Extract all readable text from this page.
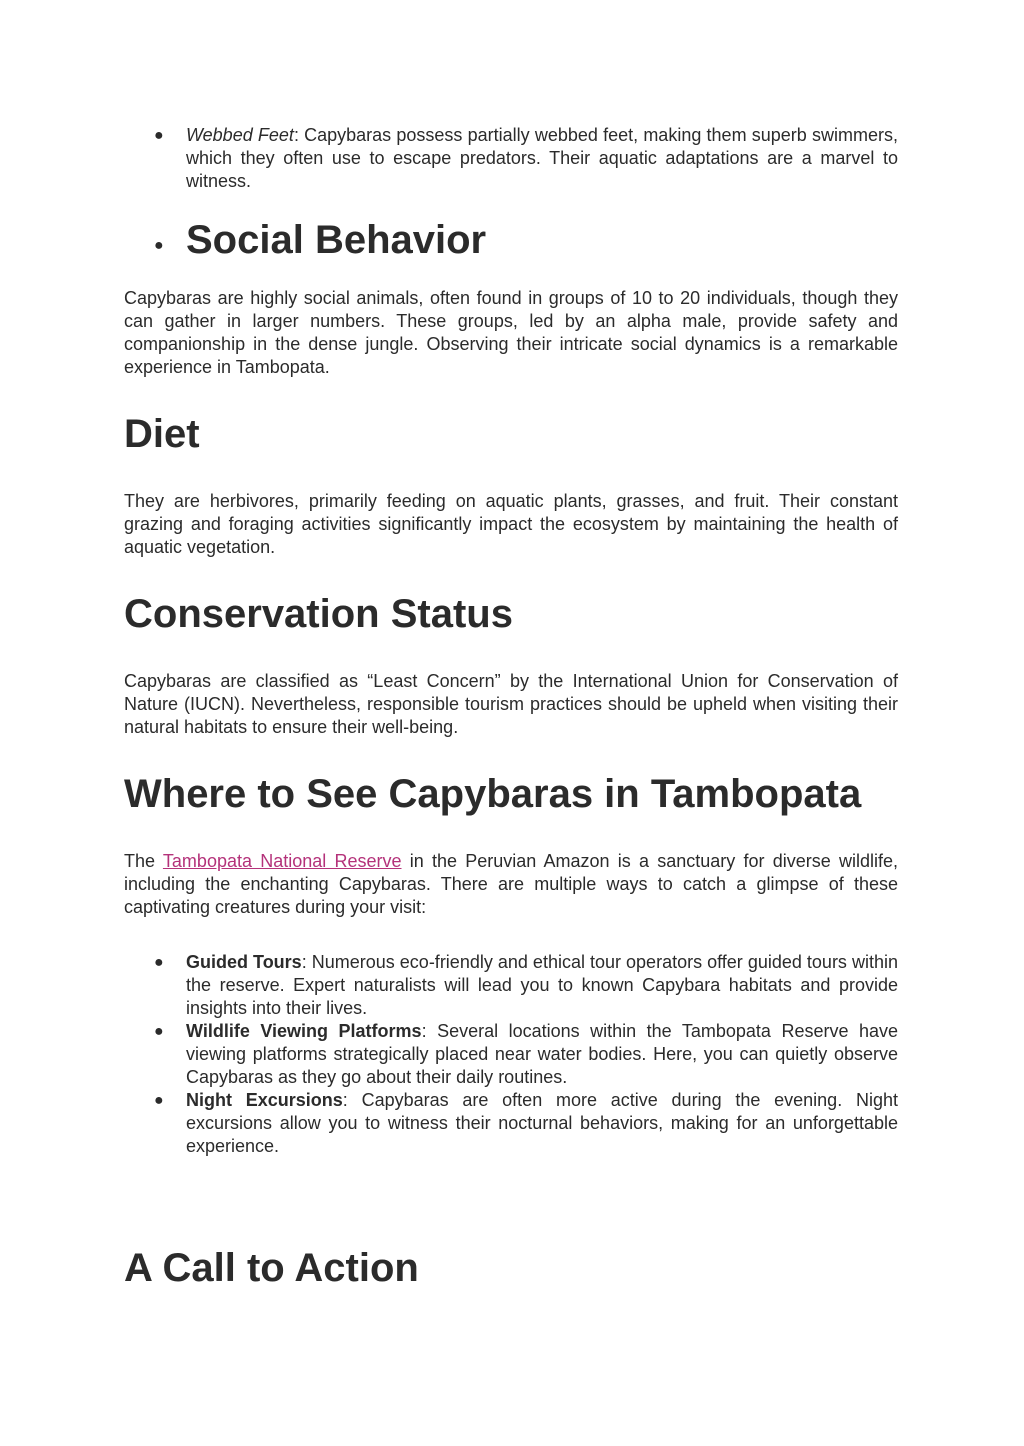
● Webbed Feet: Capybaras possess partially webbed feet, making them superb swimmers, which they often use to escape predators. Their aquatic adaptations are a marvel to witness.
● Social Behavior

Capybaras are highly social animals, often found in groups of 10 to 20 individuals, though they can gather in larger numbers. These groups, led by an alpha male, provide safety and companionship in the dense jungle. Observing their intricate social dynamics is a remarkable experience in Tambopata.

Diet

They are herbivores, primarily feeding on aquatic plants, grasses, and fruit. Their constant grazing and foraging activities significantly impact the ecosystem by maintaining the health of aquatic vegetation.

Conservation Status

Capybaras are classified as “Least Concern” by the International Union for Conservation of Nature (IUCN). Nevertheless, responsible tourism practices should be upheld when visiting their natural habitats to ensure their well-being.

Where to See Capybaras in Tambopata

The Tambopata National Reserve in the Peruvian Amazon is a sanctuary for diverse wildlife, including the enchanting Capybaras. There are multiple ways to catch a glimpse of these captivating creatures during your visit:

● Guided Tours: Numerous eco-friendly and ethical tour operators offer guided tours within the reserve. Expert naturalists will lead you to known Capybara habitats and provide insights into their lives.
● Wildlife Viewing Platforms: Several locations within the Tambopata Reserve have viewing platforms strategically placed near water bodies. Here, you can quietly observe Capybaras as they go about their daily routines.
● Night Excursions: Capybaras are often more active during the evening. Night excursions allow you to witness their nocturnal behaviors, making for an unforgettable experience.
A Call to Action
